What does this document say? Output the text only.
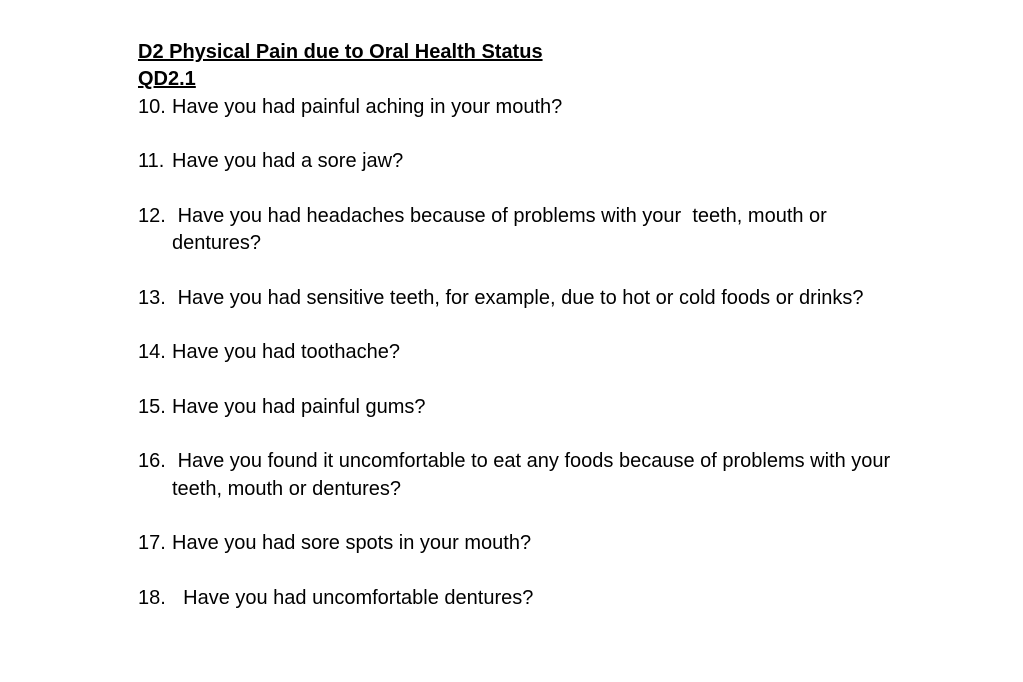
D2 Physical Pain due to Oral Health Status

QD2.1

10. Have you had painful aching in your mouth?
11. Have you had a sore jaw?
12. Have you had headaches because of problems with your  teeth, mouth or dentures?
13. Have you had sensitive teeth, for example, due to hot or cold foods or drinks?
14. Have you had toothache?
15. Have you had painful gums?
16. Have you found it uncomfortable to eat any foods because of problems with your teeth, mouth or dentures?
17. Have you had sore spots in your mouth?
18. Have you had uncomfortable dentures?
